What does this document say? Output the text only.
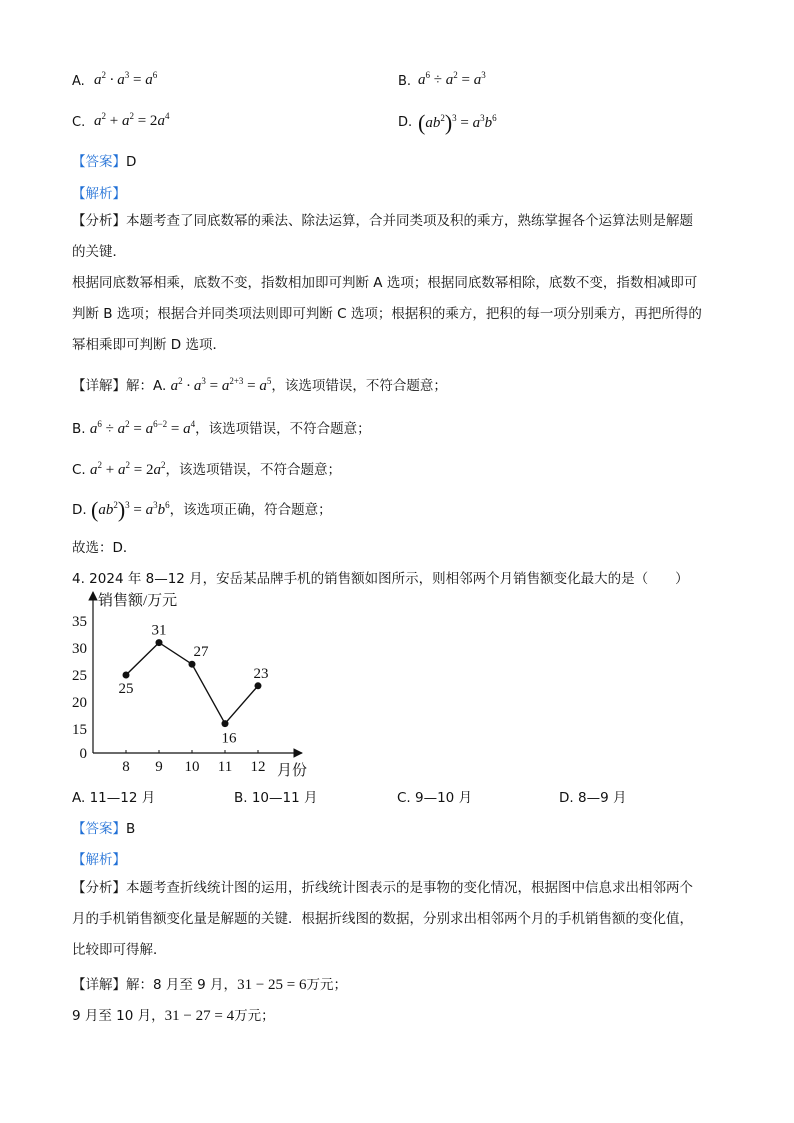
A. $a^2 \cdot a^3 = a^6$	B. $a^6 \div a^2 = a^3$
C. $a^2 + a^2 = 2a^4$	D. $(ab^2)^3 = a^3b^6$
【答案】D
【解析】
【分析】本题考查了同底数幂的乘法、除法运算，合并同类项及积的乘方，熟练掌握各个运算法则是解题
的关键．
根据同底数幂相乘，底数不变，指数相加即可判断 A 选项；根据同底数幂相除，底数不变，指数相减即可
判断 B 选项；根据合并同类项法则即可判断 C 选项；根据积的乘方，把积的每一项分别乘方，再把所得的
幂相乘即可判断 D 选项．
【详解】解：A. $a^2 \cdot a^3 = a^{2+3} = a^5$，该选项错误，不符合题意；
B. $a^6 \div a^2 = a^{6-2} = a^4$，该选项错误，不符合题意；
C. $a^2 + a^2 = 2a^2$，该选项错误，不符合题意；
D. $(ab^2)^3 = a^3b^6$，该选项正确，符合题意；
故选：D．
4. 2024 年 8—12 月，安岳某品牌手机的销售额如图所示，则相邻两个月销售额变化最大的是（　　）
销售额/万元
月份
35
30
25
20
15
0
8 9 10 11 12
25
31
27
16
23
A. 11—12 月	B. 10—11 月	C. 9—10 月	D. 8—9 月
【答案】B
【解析】
【分析】本题考查折线统计图的运用，折线统计图表示的是事物的变化情况，根据图中信息求出相邻两个
月的手机销售额变化量是解题的关键．根据折线图的数据，分别求出相邻两个月的手机销售额的变化值，
比较即可得解．
【详解】解：8 月至 9 月，31 − 25 = 6万元；
9 月至 10 月，31 − 27 = 4万元；
